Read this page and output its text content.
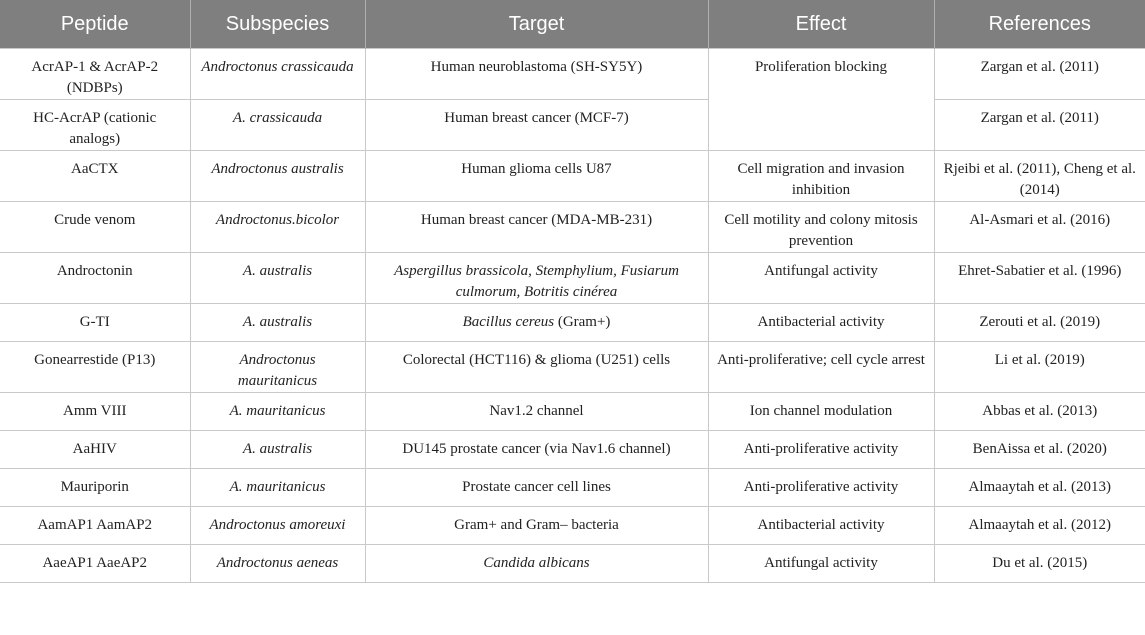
Peptide	Subspecies	Target	Effect	References
AcrAP-1 & AcrAP-2 (NDBPs)	Androctonus crassicauda	Human neuroblastoma (SH-SY5Y)	Proliferation blocking	Zargan et al. (2011)
HC-AcrAP (cationic analogs)	A. crassicauda	Human breast cancer (MCF-7)		Zargan et al. (2011)
AaCTX	Androctonus australis	Human glioma cells U87	Cell migration and invasion inhibition	Rjeibi et al. (2011), Cheng et al. (2014)
Crude venom	Androctonus.bicolor	Human breast cancer (MDA-MB-231)	Cell motility and colony mitosis prevention	Al-Asmari et al. (2016)
Androctonin	A. australis	Aspergillus brassicola, Stemphylium, Fusiarum culmorum, Botritis cinérea	Antifungal activity	Ehret-Sabatier et al. (1996)
G-TI	A. australis	Bacillus cereus (Gram+)	Antibacterial activity	Zerouti et al. (2019)
Gonearrestide (P13)	Androctonus mauritanicus	Colorectal (HCT116) & glioma (U251) cells	Anti-proliferative; cell cycle arrest	Li et al. (2019)
Amm VIII	A. mauritanicus	Nav1.2 channel	Ion channel modulation	Abbas et al. (2013)
AaHIV	A. australis	DU145 prostate cancer (via Nav1.6 channel)	Anti-proliferative activity	BenAissa et al. (2020)
Mauriporin	A. mauritanicus	Prostate cancer cell lines	Anti-proliferative activity	Almaaytah et al. (2013)
AamAP1 AamAP2	Androctonus amoreuxi	Gram+ and Gram– bacteria	Antibacterial activity	Almaaytah et al. (2012)
AaeAP1 AaeAP2	Androctonus aeneas	Candida albicans	Antifungal activity	Du et al. (2015)
